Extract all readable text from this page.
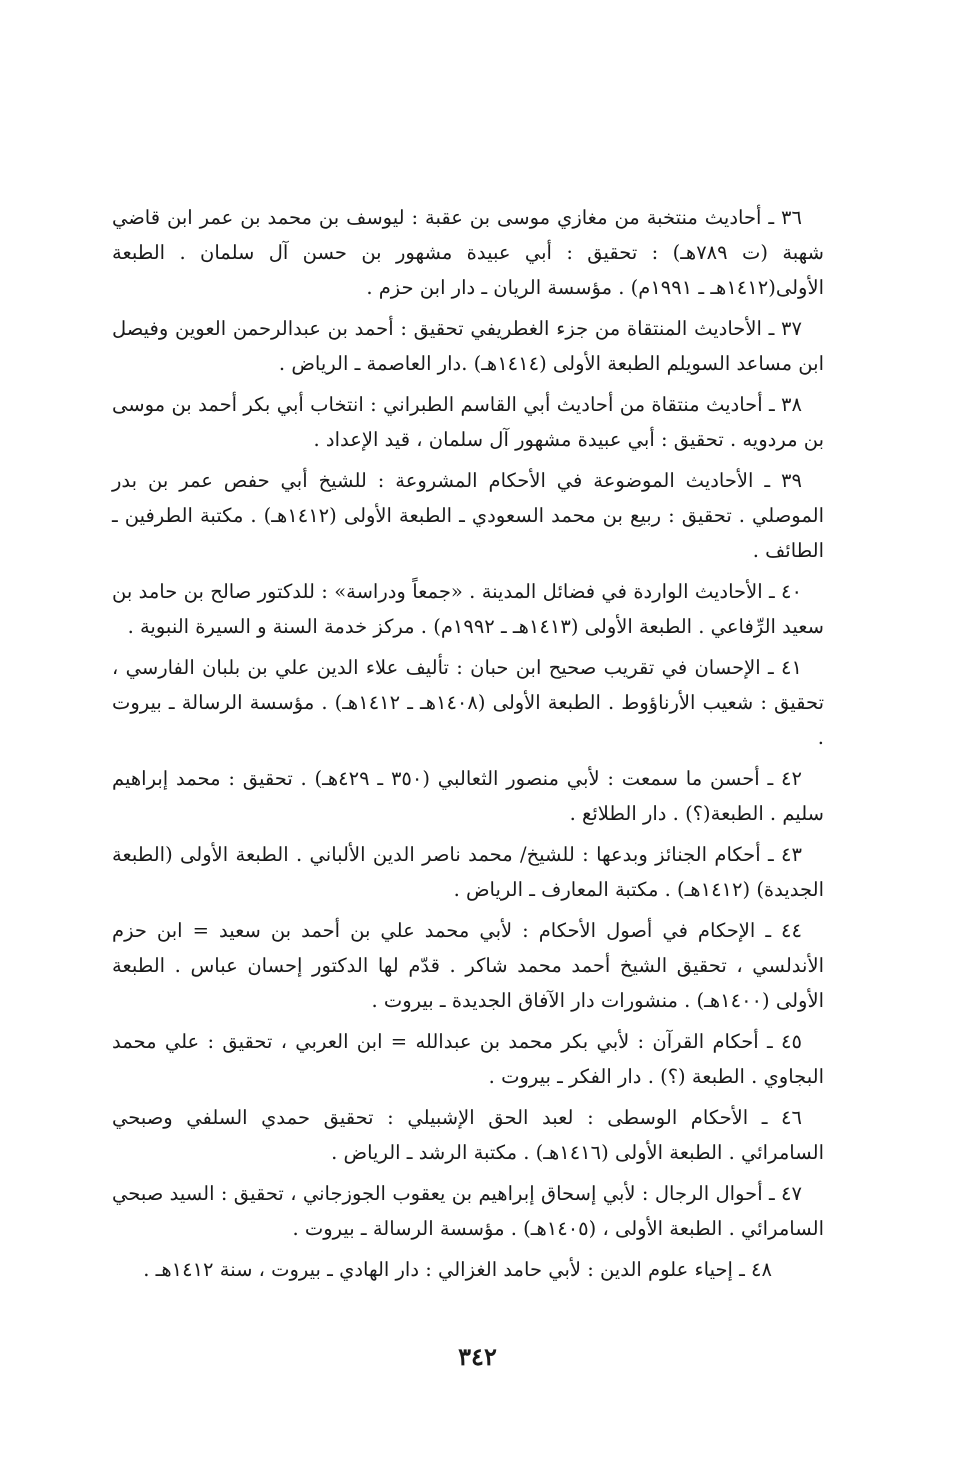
٣٦ ـ أحاديث منتخبة من مغازي موسى بن عقبة : ليوسف بن محمد بن عمر ابن قاضي شهبة (ت ٧٨٩هـ) : تحقيق : أبي عبيدة مشهور بن حسن آل سلمان . الطبعة الأولى(١٤١٢هـ ـ ١٩٩١م) . مؤسسة الريان ـ دار ابن حزم .

٣٧ ـ الأحاديث المنتقاة من جزء الغطريفي تحقيق : أحمد بن عبدالرحمن العوين وفيصل ابن مساعد السويلم الطبعة الأولى (١٤١٤هـ) .دار العاصمة ـ الرياض .

٣٨ ـ أحاديث منتقاة من أحاديث أبي القاسم الطبراني : انتخاب أبي بكر أحمد بن موسى بن مردويه . تحقيق : أبي عبيدة مشهور آل سلمان ، قيد الإعداد .

٣٩ ـ الأحاديث الموضوعة في الأحكام المشروعة : للشيخ أبي حفص عمر بن بدر الموصلي . تحقيق : ربيع بن محمد السعودي ـ الطبعة الأولى (١٤١٢هـ) . مكتبة الطرفين ـ الطائف .

٤٠ ـ الأحاديث الواردة في فضائل المدينة . «جمعاً ودراسة» : للدكتور صالح بن حامد بن سعيد الرِّفاعي . الطبعة الأولى (١٤١٣هـ ـ ١٩٩٢م) . مركز خدمة السنة و السيرة النبوية .

٤١ ـ الإحسان في تقريب صحيح ابن حبان : تأليف علاء الدين علي بن بلبان الفارسي ، تحقيق : شعيب الأرناؤوط . الطبعة الأولى (١٤٠٨هـ ـ ١٤١٢هـ) . مؤسسة الرسالة ـ بيروت .

٤٢ ـ أحسن ما سمعت : لأبي منصور الثعالبي (٣٥٠ ـ ٤٢٩هـ) . تحقيق : محمد إبراهيم سليم . الطبعة(؟) . دار الطلائع .

٤٣ ـ أحكام الجنائز وبدعها : للشيخ/ محمد ناصر الدين الألباني . الطبعة الأولى (الطبعة الجديدة) (١٤١٢هـ) . مكتبة المعارف ـ الرياض .

٤٤ ـ الإحكام في أصول الأحكام : لأبي محمد علي بن أحمد بن سعيد = ابن حزم الأندلسي ، تحقيق الشيخ أحمد محمد شاكر . قدّم لها الدكتور إحسان عباس . الطبعة الأولى (١٤٠٠هـ) . منشورات دار الآفاق الجديدة ـ بيروت .

٤٥ ـ أحكام القرآن : لأبي بكر محمد بن عبدالله = ابن العربي ، تحقيق : علي محمد البجاوي . الطبعة (؟) . دار الفكر ـ بيروت .

٤٦ ـ الأحكام الوسطى : لعبد الحق الإشبيلي : تحقيق حمدي السلفي وصبحي السامرائي . الطبعة الأولى (١٤١٦هـ) . مكتبة الرشد ـ الرياض .

٤٧ ـ أحوال الرجال : لأبي إسحاق إبراهيم بن يعقوب الجوزجاني ، تحقيق : السيد صبحي السامرائي . الطبعة الأولى ، (١٤٠٥هـ) . مؤسسة الرسالة ـ بيروت .

٤٨ ـ إحياء علوم الدين : لأبي حامد الغزالي : دار الهادي ـ بيروت ، سنة ١٤١٢هـ .

٣٤٢
